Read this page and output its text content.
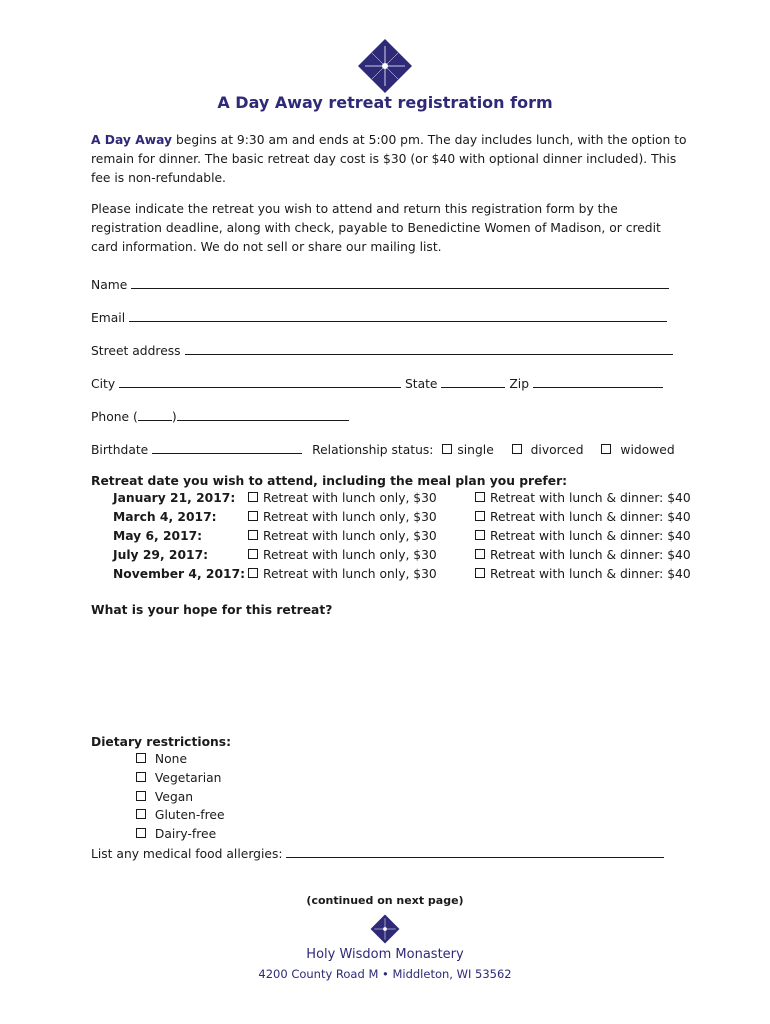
A Day Away retreat registration form
A Day Away begins at 9:30 am and ends at 5:00 pm. The day includes lunch, with the option to remain for dinner. The basic retreat day cost is $30 (or $40 with optional dinner included). This fee is non-refundable.
Please indicate the retreat you wish to attend and return this registration form by the registration deadline, along with check, payable to Benedictine Women of Madison, or credit card information. We do not sell or share our mailing list.
Name
Email
Street address
City	State	Zip
Phone (	)
Birthdate	Relationship status: single	divorced	widowed
Retreat date you wish to attend, including the meal plan you prefer:
January 21, 2017:	Retreat with lunch only, $30	Retreat with lunch & dinner: $40
March 4, 2017:	Retreat with lunch only, $30	Retreat with lunch & dinner: $40
May 6, 2017:	Retreat with lunch only, $30	Retreat with lunch & dinner: $40
July 29, 2017:	Retreat with lunch only, $30	Retreat with lunch & dinner: $40
November 4, 2017:	Retreat with lunch only, $30	Retreat with lunch & dinner: $40
What is your hope for this retreat?
Dietary restrictions:
None
Vegetarian
Vegan
Gluten-free
Dairy-free
List any medical food allergies:
(continued on next page)
Holy Wisdom Monastery
4200 County Road M • Middleton, WI 53562
